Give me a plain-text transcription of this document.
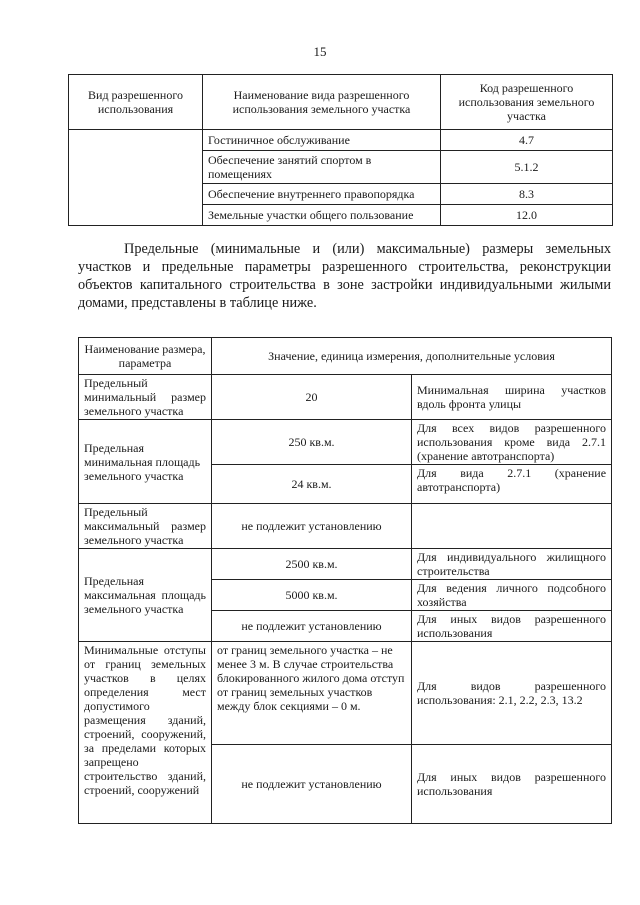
15
Вид разрешенного использования	Наименование вида разрешенного использования земельного участка	Код разрешенного использования земельного участка
	Гостиничное обслуживание	4.7
	Обеспечение занятий спортом в помещениях	5.1.2
	Обеспечение внутреннего правопорядка	8.3
	Земельные участки общего пользование	12.0
Предельные (минимальные и (или) максимальные) размеры земельных участков и предельные параметры разрешенного строительства, реконструкции объектов капитального строительства в зоне застройки индивидуальными жилыми домами, представлены в таблице ниже.
Наименование размера, параметра	Значение, единица измерения, дополнительные условия	
Предельный минимальный размер земельного участка	20	Минимальная ширина участков вдоль фронта улицы
Предельная минимальная площадь земельного участка	250 кв.м.	Для всех видов разрешенного использования кроме вида 2.7.1 (хранение автотранспорта)
	24 кв.м.	Для вида 2.7.1 (хранение автотранспорта)
Предельный максимальный размер земельного участка	не подлежит установлению	
Предельная максимальная площадь земельного участка	2500 кв.м.	Для индивидуального жилищного строительства
	5000 кв.м.	Для ведения личного подсобного хозяйства
	не подлежит установлению	Для иных видов разрешенного использования
Минимальные отступы от границ земельных участков в целях определения мест допустимого размещения зданий, строений, сооружений, за пределами которых запрещено строительство зданий, строений, сооружений	от границ земельного участка – не менее 3 м. В случае строительства блокированного жилого дома отступ от границ земельных участков между блок секциями – 0 м.	Для видов разрешенного использования: 2.1, 2.2, 2.3, 13.2
	не подлежит установлению	Для иных видов разрешенного использования
